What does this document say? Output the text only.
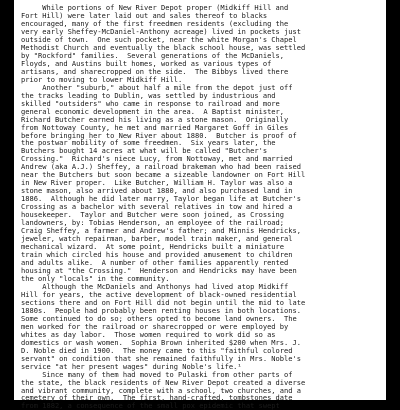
While portions of New River Depot proper (Midkiff Hill and
Fort Hill) were later laid out and sales thereof to blacks
encouraged, many of the first freedmen residents (excluding the
very early Sheffey-McDaniel-Anthony acreage) lived in pockets just
outside of town.  One such pocket, near the white Morgan's Chapel
Methodist Church and eventually the black school house, was settled
by "Rockford" families.  Several generations of the McDaniels,
Floyds, and Austins built homes, worked as various types of
artisans, and sharecropped on the side.  The Bibbys lived there
prior to moving to lower Midkiff Hill.
Another "suburb," about half a mile from the depot just off
the tracks leading to Dublin, was settled by industrious and
skilled "outsiders" who came in response to railroad and more
general economic development in the area.  A Baptist minister,
Richard Butcher earned his living as a stone mason.  Originally
from Nottoway County, he met and married Margaret Goff in Giles
before bringing her to New River about 1880.  Butcher is proof of
the postwar mobility of some freedmen.  Six years later, the
Butchers bought 14 acres at what will be called "Butcher's
Crossing."  Richard's niece Lucy, from Nottoway, met and married
Andrew (aka A.J.) Sheffey, a railroad brakeman who had been raised
near the Butchers but soon became a sizeable landowner on Fort Hill
in New River proper.  Like Butcher, William H. Taylor was also a
stone mason, also arrived about 1880, and also purchased land in
1886.  Although he did later marry, Taylor began life at Butcher's
Crossing as a bachelor with several relatives in tow and hired a
housekeeper.  Taylor and Butcher were soon joined, as Crossing
landowners, by: Tobias Henderson, an employee of the railroad;
Craig Sheffey, a farmer and Andrew's father; and Minnis Hendricks,
jeweler, watch repairman, barber, model train maker, and general
mechanical wizard.  At some point, Hendricks built a miniature
train which circled his house and provided amusement to children
and adults alike.  A number of other families apparently rented
housing at "the Crossing."  Henderson and Hendricks may have been
the only "locals" in the community.
Although the McDaniels and Anthonys had lived atop Midkiff
Hill for years, the active development of black-owned residential
sections there and on Fort Hill did not begin until the mid to late
1880s.  People had probably been renting houses in both locations.
Some continued to do so; others opted to become land owners.  The
men worked for the railroad or sharecropped or were employed by
whites as day labor.  Those women required to work did so as
domestics or wash women.  Sophia Brown inherited $200 when Mrs. J.
D. Noble died in 1900.  The money came to this "faithful colored
servant" on condition that she remained faithfully in Mrs. Noble's
service "at her present wages" during Noble's life.¹
Since many of them had moved to Pulaski from other parts of
the state, the black residents of New River Depot created a diverse
and vibrant community, complete with a school, two churches, and a
cemetery of their own.  The first, hand-crafted, tombstones date
from 1882, a consequence of the small pox epidemic that swept
